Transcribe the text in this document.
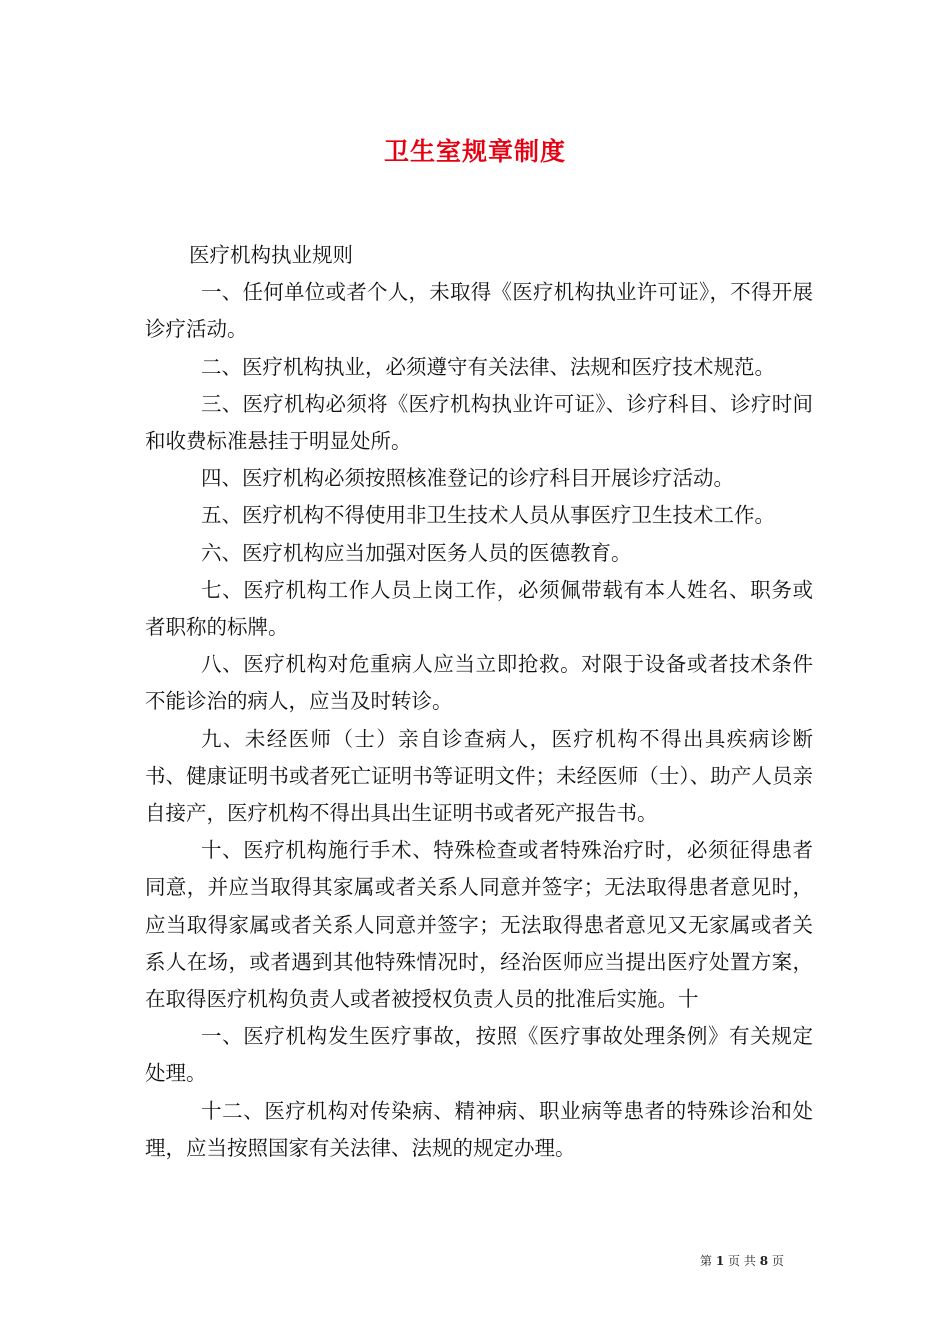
卫生室规章制度

医疗机构执业规则

一、任何单位或者个人，未取得《医疗机构执业许可证》，不得开展诊疗活动。

二、医疗机构执业，必须遵守有关法律、法规和医疗技术规范。

三、医疗机构必须将《医疗机构执业许可证》、诊疗科目、诊疗时间和收费标准悬挂于明显处所。

四、医疗机构必须按照核准登记的诊疗科目开展诊疗活动。

五、医疗机构不得使用非卫生技术人员从事医疗卫生技术工作。

六、医疗机构应当加强对医务人员的医德教育。

七、医疗机构工作人员上岗工作，必须佩带载有本人姓名、职务或者职称的标牌。

八、医疗机构对危重病人应当立即抢救。对限于设备或者技术条件不能诊治的病人，应当及时转诊。

九、未经医师（士）亲自诊查病人，医疗机构不得出具疾病诊断书、健康证明书或者死亡证明书等证明文件；未经医师（士）、助产人员亲自接产，医疗机构不得出具出生证明书或者死产报告书。

十、医疗机构施行手术、特殊检查或者特殊治疗时，必须征得患者同意，并应当取得其家属或者关系人同意并签字；无法取得患者意见时，应当取得家属或者关系人同意并签字；无法取得患者意见又无家属或者关系人在场，或者遇到其他特殊情况时，经治医师应当提出医疗处置方案，在取得医疗机构负责人或者被授权负责人员的批准后实施。十

一、医疗机构发生医疗事故，按照《医疗事故处理条例》有关规定处理。

十二、医疗机构对传染病、精神病、职业病等患者的特殊诊治和处理，应当按照国家有关法律、法规的规定办理。

第 1 页 共 8 页
